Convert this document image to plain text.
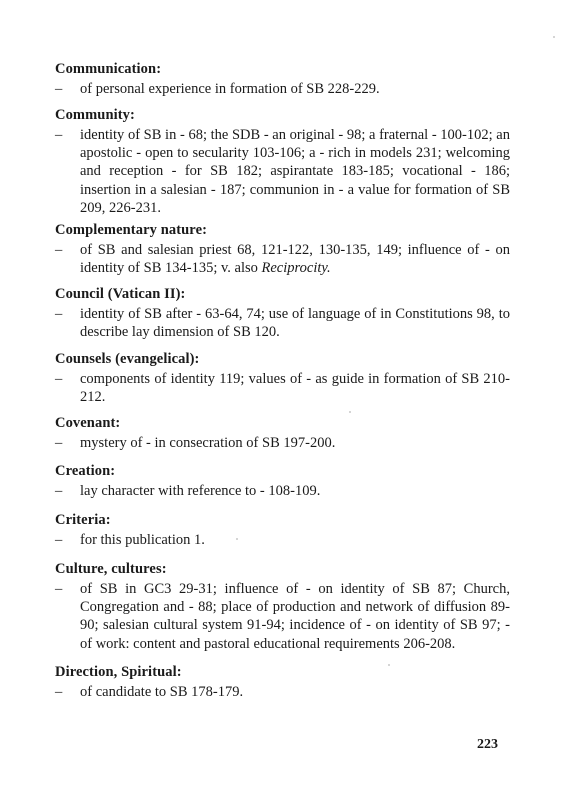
Communication:
– of personal experience in formation of SB 228-229.
Community:
– identity of SB in - 68; the SDB - an original - 98; a fraternal - 100-102; an apostolic - open to secularity 103-106; a - rich in models 231; welcoming and reception - for SB 182; aspirantate 183-185; vocational - 186; insertion in a salesian - 187; communion in - a value for formation of SB 209, 226-231.
Complementary nature:
– of SB and salesian priest 68, 121-122, 130-135, 149; influence of - on identity of SB 134-135; v. also Reciprocity.
Council (Vatican II):
– identity of SB after - 63-64, 74; use of language of in Constitutions 98, to describe lay dimension of SB 120.
Counsels (evangelical):
– components of identity 119; values of - as guide in formation of SB 210-212.
Covenant:
– mystery of - in consecration of SB 197-200.
Creation:
– lay character with reference to - 108-109.
Criteria:
– for this publication 1.
Culture, cultures:
– of SB in GC3 29-31; influence of - on identity of SB 87; Church, Congregation and - 88; place of production and network of diffusion 89-90; salesian cultural system 91-94; incidence of - on identity of SB 97; - of work: content and pastoral educational requirements 206-208.
Direction, Spiritual:
– of candidate to SB 178-179.
223
